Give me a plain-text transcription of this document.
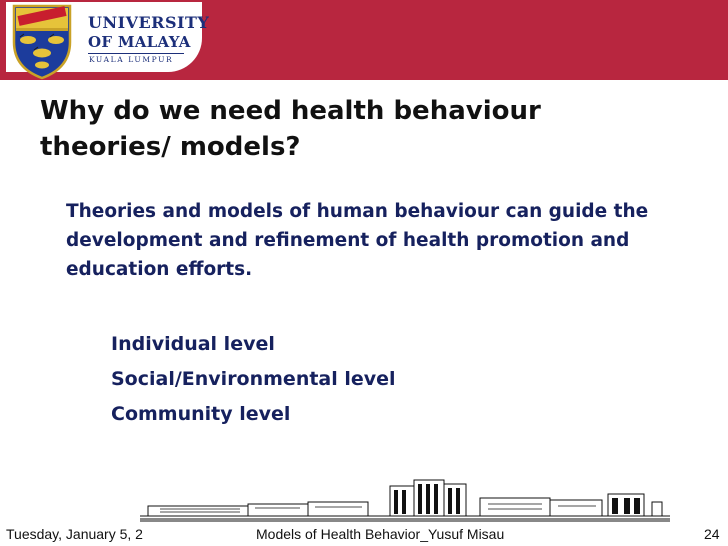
UNIVERSITY
OF MALAYA
KUALA LUMPUR
Why do we need health behaviour theories/ models?
Theories and models of human behaviour can guide the development and refinement of health promotion and education efforts.
Individual level
Social/Environmental level
Community level
Tuesday, January 5, 2	Models of Health Behavior_Yusuf Misau	24
